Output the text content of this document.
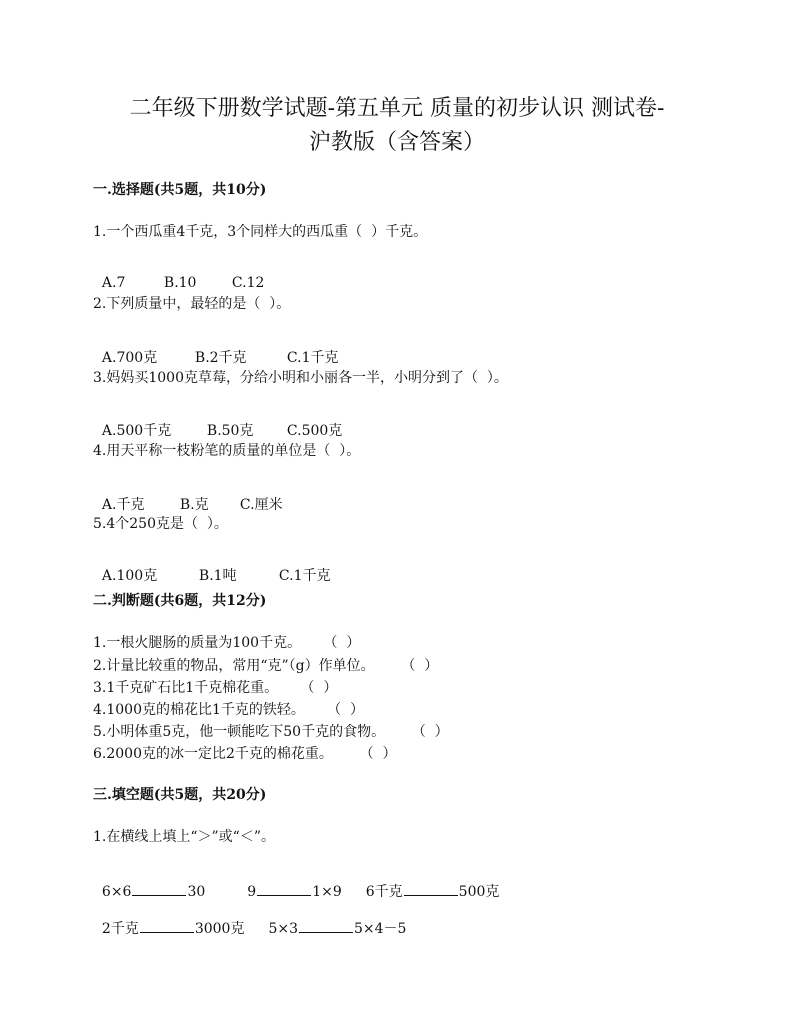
二年级下册数学试题-第五单元 质量的初步认识 测试卷-
沪教版（含答案）
一.选择题(共5题，共10分)
1.一个西瓜重4千克，3个同样大的西瓜重（  ）千克。

A.7	B.10	C.12

2.下列质量中，最轻的是（  ）。

A.700克	B.2千克	C.1千克

3.妈妈买1000克草莓，分给小明和小丽各一半，小明分到了（  ）。

A.500千克	B.50克 C.500克

4.用天平称一枝粉笔的质量的单位是（  ）。

A.千克	B.克 C.厘米

5.4个250克是（  ）。

A.100克	B.1吨	C.1千克

二.判断题(共6题，共12分)
1.一根火腿肠的质量为100千克。     （  ）
2.计量比较重的物品，常用“克”（g）作单位。      （  ）
3.1千克矿石比1千克棉花重。     （  ）
4.1000克的棉花比1千克的铁轻。     （  ）
5.小明体重5克，他一顿能吃下50千克的食物。      （  ）
6.2000克的冰一定比2千克的棉花重。      （  ）
三.填空题(共5题，共20分)
1.在横线上填上“＞”或“＜”。

6×6	30	9	1×9 6千克	500克

2千克	3000克 5×3	5×4－5
